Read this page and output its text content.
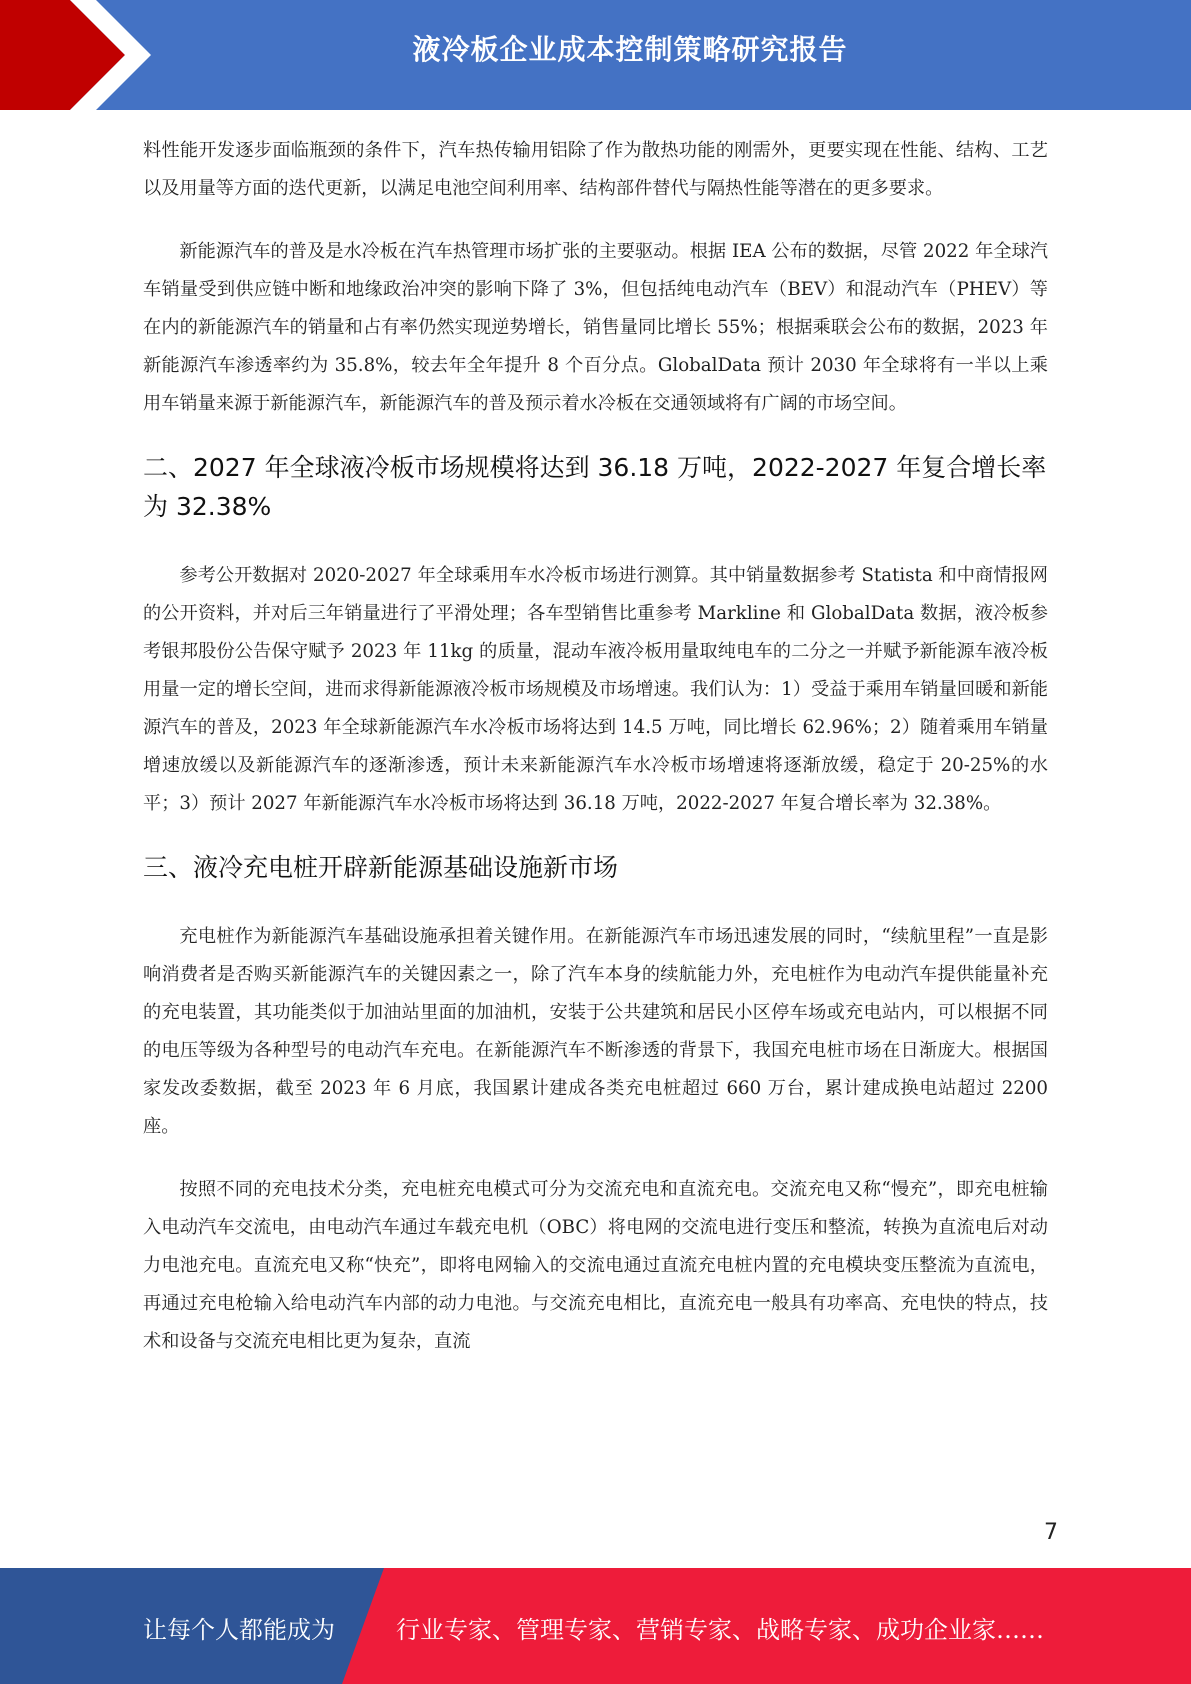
液冷板企业成本控制策略研究报告

料性能开发逐步面临瓶颈的条件下，汽车热传输用铝除了作为散热功能的刚需外，更要实现在性能、结构、工艺以及用量等方面的迭代更新，以满足电池空间利用率、结构部件替代与隔热性能等潜在的更多要求。

新能源汽车的普及是水冷板在汽车热管理市场扩张的主要驱动。根据 IEA 公布的数据，尽管 2022 年全球汽车销量受到供应链中断和地缘政治冲突的影响下降了 3%，但包括纯电动汽车（BEV）和混动汽车（PHEV）等在内的新能源汽车的销量和占有率仍然实现逆势增长，销售量同比增长 55%；根据乘联会公布的数据，2023 年新能源汽车渗透率约为 35.8%，较去年全年提升 8 个百分点。GlobalData 预计 2030 年全球将有一半以上乘用车销量来源于新能源汽车，新能源汽车的普及预示着水冷板在交通领域将有广阔的市场空间。

二、2027 年全球液冷板市场规模将达到 36.18 万吨，2022-2027 年复合增长率为 32.38%

参考公开数据对 2020-2027 年全球乘用车水冷板市场进行测算。其中销量数据参考 Statista 和中商情报网的公开资料，并对后三年销量进行了平滑处理；各车型销售比重参考 Markline 和 GlobalData 数据，液冷板参考银邦股份公告保守赋予 2023 年 11kg 的质量，混动车液冷板用量取纯电车的二分之一并赋予新能源车液冷板用量一定的增长空间，进而求得新能源液冷板市场规模及市场增速。我们认为：1）受益于乘用车销量回暖和新能源汽车的普及，2023 年全球新能源汽车水冷板市场将达到 14.5 万吨，同比增长 62.96%；2）随着乘用车销量增速放缓以及新能源汽车的逐渐渗透，预计未来新能源汽车水冷板市场增速将逐渐放缓，稳定于 20-25%的水平；3）预计 2027 年新能源汽车水冷板市场将达到 36.18 万吨，2022-2027 年复合增长率为 32.38%。

三、液冷充电桩开辟新能源基础设施新市场

充电桩作为新能源汽车基础设施承担着关键作用。在新能源汽车市场迅速发展的同时，“续航里程”一直是影响消费者是否购买新能源汽车的关键因素之一，除了汽车本身的续航能力外，充电桩作为电动汽车提供能量补充的充电装置，其功能类似于加油站里面的加油机，安装于公共建筑和居民小区停车场或充电站内，可以根据不同的电压等级为各种型号的电动汽车充电。在新能源汽车不断渗透的背景下，我国充电桩市场在日渐庞大。根据国家发改委数据，截至 2023 年 6 月底，我国累计建成各类充电桩超过 660 万台，累计建成换电站超过 2200 座。

按照不同的充电技术分类，充电桩充电模式可分为交流充电和直流充电。交流充电又称“慢充”，即充电桩输入电动汽车交流电，由电动汽车通过车载充电机（OBC）将电网的交流电进行变压和整流，转换为直流电后对动力电池充电。直流充电又称“快充”，即将电网输入的交流电通过直流充电桩内置的充电模块变压整流为直流电，再通过充电枪输入给电动汽车内部的动力电池。与交流充电相比，直流充电一般具有功率高、充电快的特点，技术和设备与交流充电相比更为复杂，直流

7
让每个人都能成为	行业专家、管理专家、营销专家、战略专家、成功企业家……
